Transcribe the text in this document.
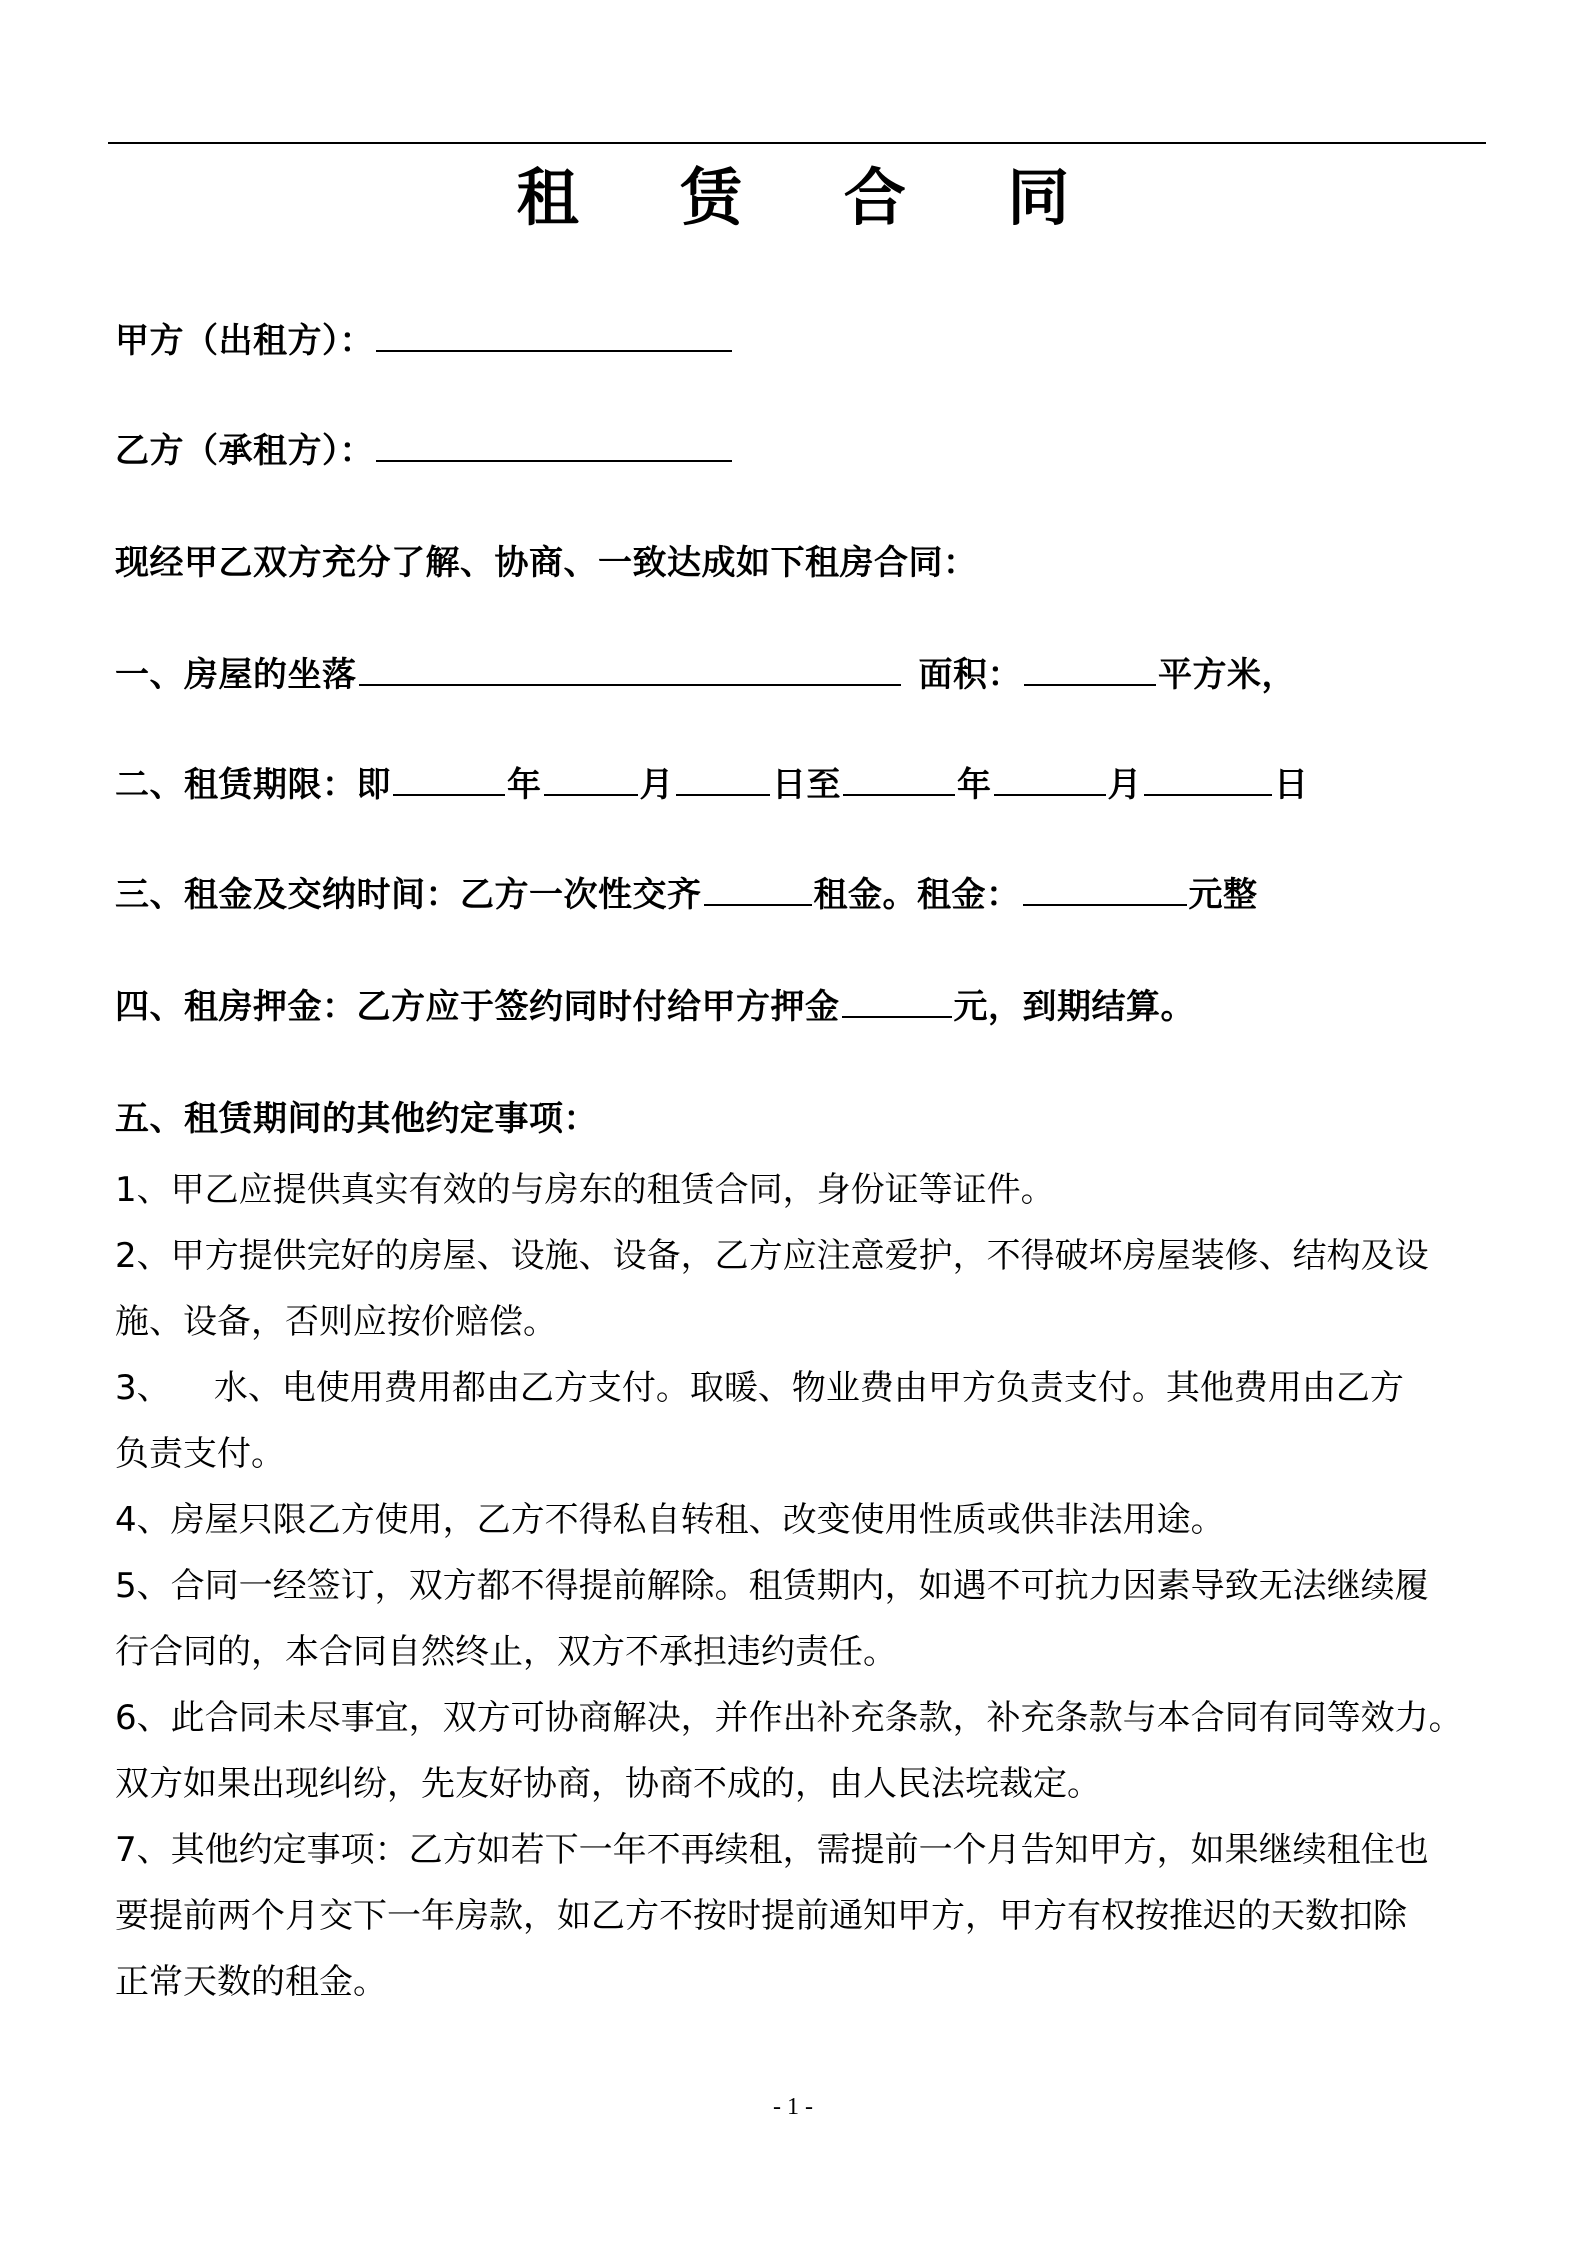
租 赁 合 同
甲方（出租方）：
乙方（承租方）：
现经甲乙双方充分了解、协商、一致达成如下租房合同：
一、房屋的坐落	面积：	平方米，
二、租赁期限：即	年	月	日至	年	月	日
三、租金及交纳时间：乙方一次性交齐	租金。租金：	元整
四、租房押金：乙方应于签约同时付给甲方押金	元，到期结算。
五、租赁期间的其他约定事项：
1、甲乙应提供真实有效的与房东的租赁合同，身份证等证件。
2、甲方提供完好的房屋、设施、设备，乙方应注意爱护，不得破坏房屋装修、结构及设
施、设备，否则应按价赔偿。
3、    水、电使用费用都由乙方支付。取暖、物业费由甲方负责支付。其他费用由乙方
负责支付。
4、房屋只限乙方使用，乙方不得私自转租、改变使用性质或供非法用途。
5、合同一经签订，双方都不得提前解除。租赁期内，如遇不可抗力因素导致无法继续履
行合同的，本合同自然终止，双方不承担违约责任。
6、此合同未尽事宜，双方可协商解决，并作出补充条款，补充条款与本合同有同等效力。
双方如果出现纠纷，先友好协商，协商不成的，由人民法垸裁定。
7、其他约定事项：乙方如若下一年不再续租，需提前一个月告知甲方，如果继续租住也
要提前两个月交下一年房款，如乙方不按时提前通知甲方，甲方有权按推迟的天数扣除
正常天数的租金。
- 1 -
